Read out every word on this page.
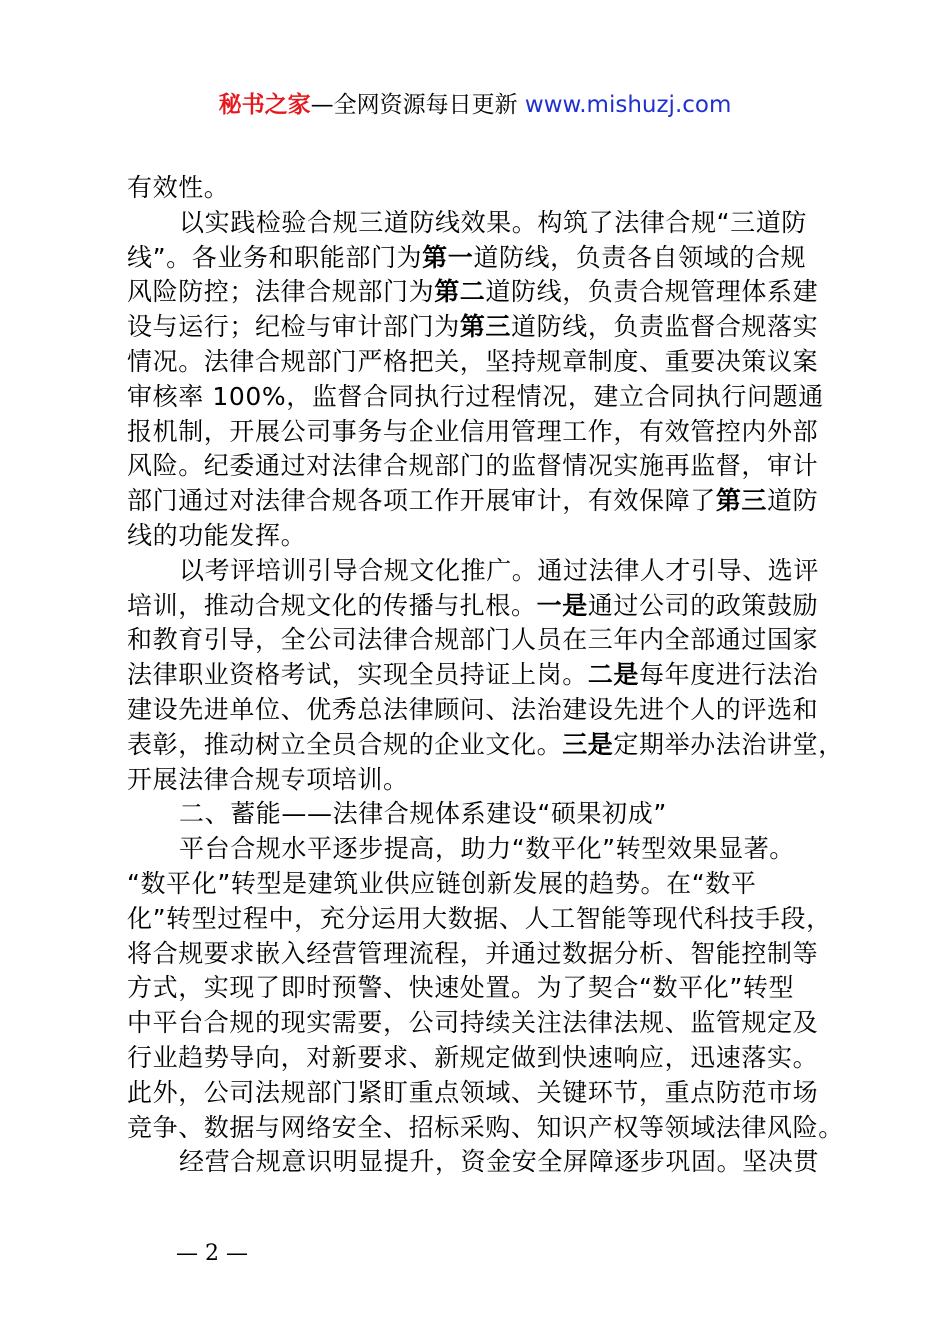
秘书之家—全网资源每日更新 www.mishuzj.com
有效性。
以实践检验合规三道防线效果。构筑了法律合规“三道防
线”。各业务和职能部门为第一道防线，负责各自领域的合规
风险防控；法律合规部门为第二道防线，负责合规管理体系建
设与运行；纪检与审计部门为第三道防线，负责监督合规落实
情况。法律合规部门严格把关，坚持规章制度、重要决策议案
审核率 100%，监督合同执行过程情况，建立合同执行问题通
报机制，开展公司事务与企业信用管理工作，有效管控内外部
风险。纪委通过对法律合规部门的监督情况实施再监督，审计
部门通过对法律合规各项工作开展审计，有效保障了第三道防
线的功能发挥。
以考评培训引导合规文化推广。通过法律人才引导、选评
培训，推动合规文化的传播与扎根。一是通过公司的政策鼓励
和教育引导，全公司法律合规部门人员在三年内全部通过国家
法律职业资格考试，实现全员持证上岗。二是每年度进行法治
建设先进单位、优秀总法律顾问、法治建设先进个人的评选和
表彰，推动树立全员合规的企业文化。三是定期举办法治讲堂，
开展法律合规专项培训。
二、蓄能——法律合规体系建设“硕果初成”
平台合规水平逐步提高，助力“数平化”转型效果显著。
“数平化”转型是建筑业供应链创新发展的趋势。在“数平
化”转型过程中，充分运用大数据、人工智能等现代科技手段，
将合规要求嵌入经营管理流程，并通过数据分析、智能控制等
方式，实现了即时预警、快速处置。为了契合“数平化”转型
中平台合规的现实需要，公司持续关注法律法规、监管规定及
行业趋势导向，对新要求、新规定做到快速响应，迅速落实。
此外，公司法规部门紧盯重点领域、关键环节，重点防范市场
竞争、数据与网络安全、招标采购、知识产权等领域法律风险。
经营合规意识明显提升，资金安全屏障逐步巩固。坚决贯
— 2 —
